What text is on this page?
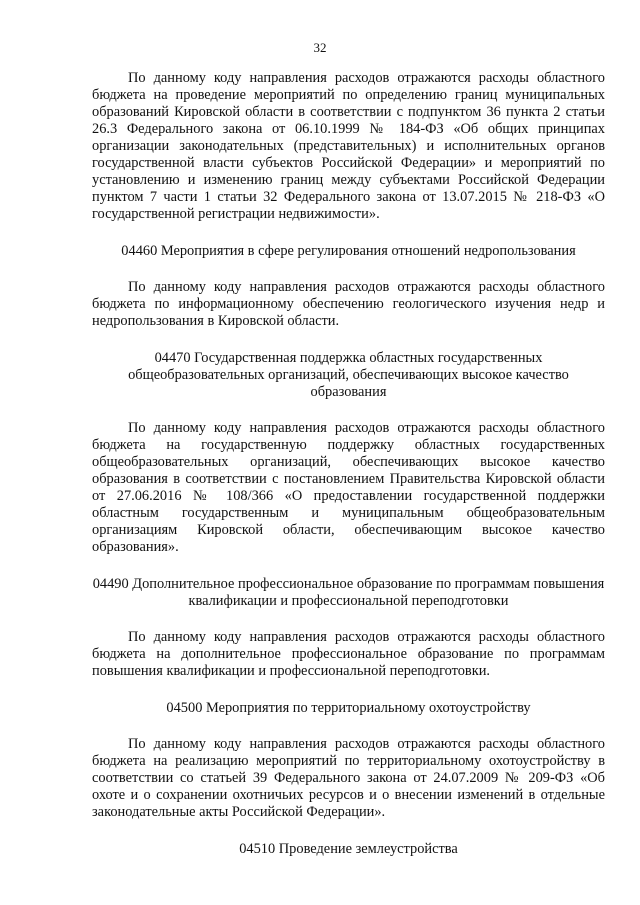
32

По данному коду направления расходов отражаются расходы областного бюджета на проведение мероприятий по определению границ муниципальных образований Кировской области в соответствии с подпунктом 36 пункта 2 статьи 26.3 Федерального закона от 06.10.1999 № 184-ФЗ «Об общих принципах организации законодательных (представительных) и исполнительных органов государственной власти субъектов Российской Федерации» и мероприятий по установлению и изменению границ между субъектами Российской Федерации пунктом 7 части 1 статьи 32 Федерального закона от 13.07.2015 № 218-ФЗ «О государственной регистрации недвижимости».

04460 Мероприятия в сфере регулирования отношений недропользования

По данному коду направления расходов отражаются расходы областного бюджета по информационному обеспечению геологического изучения недр и недропользования в Кировской области.

04470 Государственная поддержка областных государственных общеобразовательных организаций, обеспечивающих высокое качество образования

По данному коду направления расходов отражаются расходы областного бюджета на государственную поддержку областных государственных общеобразовательных организаций, обеспечивающих высокое качество образования в соответствии с постановлением Правительства Кировской области от 27.06.2016 № 108/366 «О предоставлении государственной поддержки областным государственным и муниципальным общеобразовательным организациям Кировской области, обеспечивающим высокое качество образования».

04490 Дополнительное профессиональное образование по программам повышения квалификации и профессиональной переподготовки

По данному коду направления расходов отражаются расходы областного бюджета на дополнительное профессиональное образование по программам повышения квалификации и профессиональной переподготовки.

04500 Мероприятия по территориальному охотоустройству

По данному коду направления расходов отражаются расходы областного бюджета на реализацию мероприятий по территориальному охотоустройству в соответствии со статьей 39 Федерального закона от 24.07.2009 № 209-ФЗ «Об охоте и о сохранении охотничьих ресурсов и о внесении изменений в отдельные законодательные акты Российской Федерации».

04510 Проведение землеустройства
